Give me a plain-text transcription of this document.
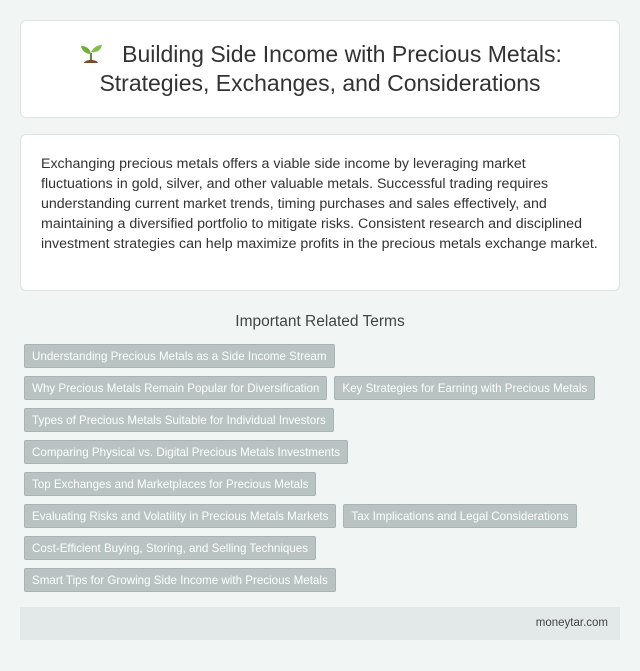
Building Side Income with Precious Metals: Strategies, Exchanges, and Considerations

Exchanging precious metals offers a viable side income by leveraging market fluctuations in gold, silver, and other valuable metals. Successful trading requires understanding current market trends, timing purchases and sales effectively, and maintaining a diversified portfolio to mitigate risks. Consistent research and disciplined investment strategies can help maximize profits in the precious metals exchange market.

Important Related Terms
Understanding Precious Metals as a Side Income Stream
Why Precious Metals Remain Popular for Diversification	Key Strategies for Earning with Precious Metals
Types of Precious Metals Suitable for Individual Investors
Comparing Physical vs. Digital Precious Metals Investments
Top Exchanges and Marketplaces for Precious Metals
Evaluating Risks and Volatility in Precious Metals Markets	Tax Implications and Legal Considerations
Cost-Efficient Buying, Storing, and Selling Techniques
Smart Tips for Growing Side Income with Precious Metals
moneytar.com
